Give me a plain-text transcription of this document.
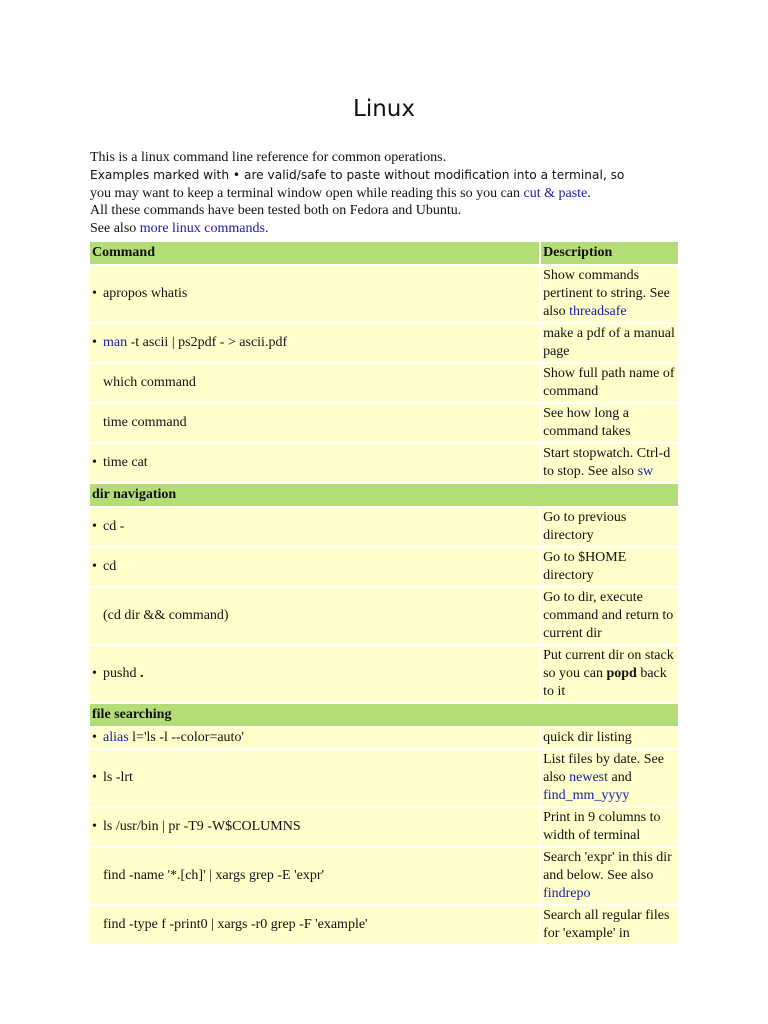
Linux
This is a linux command line reference for common operations.
Examples marked with • are valid/safe to paste without modification into a terminal, so
you may want to keep a terminal window open while reading this so you can cut & paste.
All these commands have been tested both on Fedora and Ubuntu.
See also more linux commands.
Command	Description
• apropos whatis	Show commands pertinent to string. See also threadsafe
• man -t ascii | ps2pdf - > ascii.pdf	make a pdf of a manual page
which command	Show full path name of command
time command	See how long a command takes
• time cat	Start stopwatch. Ctrl-d to stop. See also sw
dir navigation	
• cd -	Go to previous directory
• cd	Go to $HOME directory
(cd dir && command)	Go to dir, execute command and return to current dir
• pushd .	Put current dir on stack so you can popd back to it
file searching	
• alias l='ls -l --color=auto'	quick dir listing
• ls -lrt	List files by date. See also newest and find_mm_yyyy
• ls /usr/bin | pr -T9 -W$COLUMNS	Print in 9 columns to width of terminal
find -name '*.[ch]' | xargs grep -E 'expr'	Search 'expr' in this dir and below. See also findrepo
find -type f -print0 | xargs -r0 grep -F 'example'	Search all regular files for 'example' in
